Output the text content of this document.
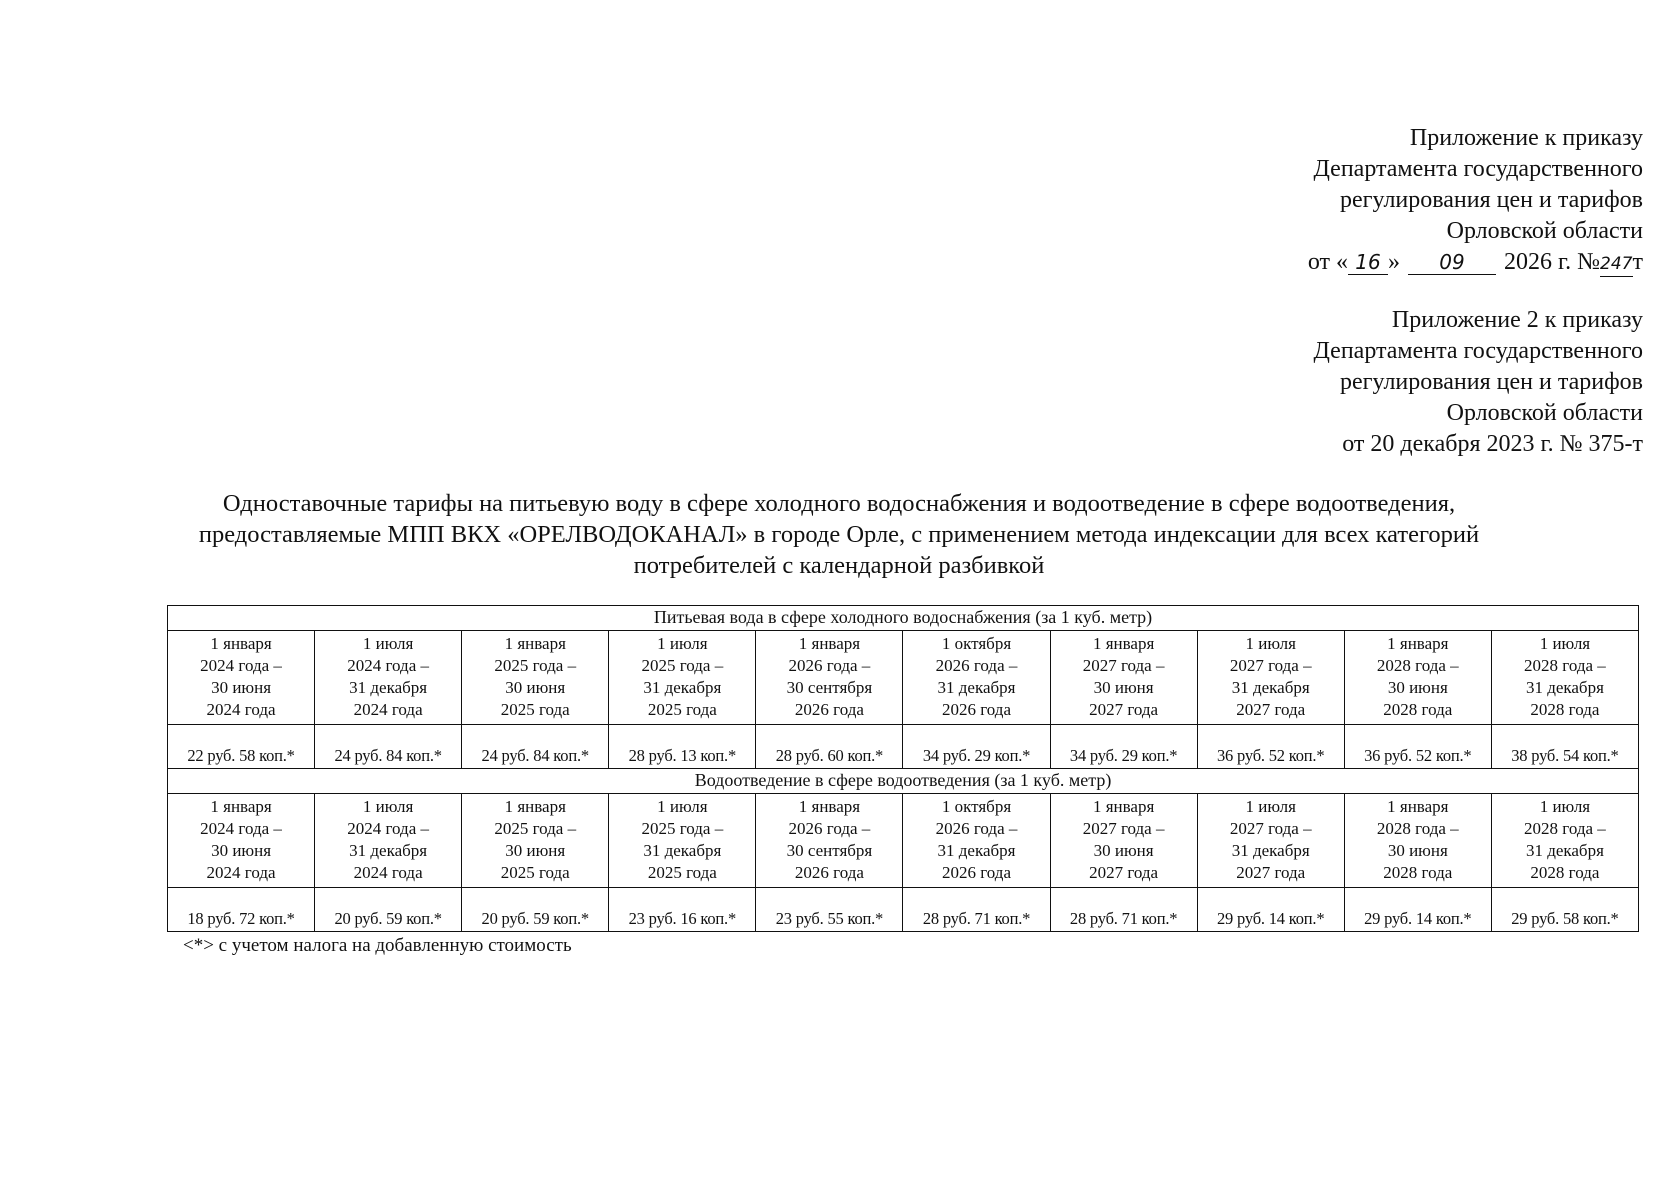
Приложение к приказу
Департамента государственного
регулирования цен и тарифов
Орловской области
от « 16 » 09 2026 г. №247т
Приложение 2 к приказу
Департамента государственного
регулирования цен и тарифов
Орловской области
от 20 декабря 2023 г. № 375-т
Одноставочные тарифы на питьевую воду в сфере холодного водоснабжения и водоотведение в сфере водоотведения,
предоставляемые МПП ВКХ «ОРЕЛВОДОКАНАЛ» в городе Орле, с применением метода индексации для всех категорий
потребителей с календарной разбивкой
Питьевая вода в сфере холодного водоснабжения (за 1 куб. метр)									

1 января
2024 года –
30 июня
2024 года	1 июля
2024 года –
31 декабря
2024 года	1 января
2025 года –
30 июня
2025 года	1 июля
2025 года –
31 декабря
2025 года	1 января
2026 года –
30 сентября
2026 года	1 октября
2026 года –
31 декабря
2026 года	1 января
2027 года –
30 июня
2027 года	1 июля
2027 года –
31 декабря
2027 года	1 января
2028 года –
30 июня
2028 года	1 июля
2028 года –
31 декабря
2028 года

22 руб. 58 коп.*	24 руб. 84 коп.*	24 руб. 84 коп.*	28 руб. 13 коп.*	28 руб. 60 коп.*	34 руб. 29 коп.*	34 руб. 29 коп.*	36 руб. 52 коп.*	36 руб. 52 коп.*	38 руб. 54 коп.*
Водоотведение в сфере водоотведения (за 1 куб. метр)									

1 января
2024 года –
30 июня
2024 года	1 июля
2024 года –
31 декабря
2024 года	1 января
2025 года –
30 июня
2025 года	1 июля
2025 года –
31 декабря
2025 года	1 января
2026 года –
30 сентября
2026 года	1 октября
2026 года –
31 декабря
2026 года	1 января
2027 года –
30 июня
2027 года	1 июля
2027 года –
31 декабря
2027 года	1 января
2028 года –
30 июня
2028 года	1 июля
2028 года –
31 декабря
2028 года

18 руб. 72 коп.*	20 руб. 59 коп.*	20 руб. 59 коп.*	23 руб. 16 коп.*	23 руб. 55 коп.*	28 руб. 71 коп.*	28 руб. 71 коп.*	29 руб. 14 коп.*	29 руб. 14 коп.*	29 руб. 58 коп.*
<*> с учетом налога на добавленную стоимость
